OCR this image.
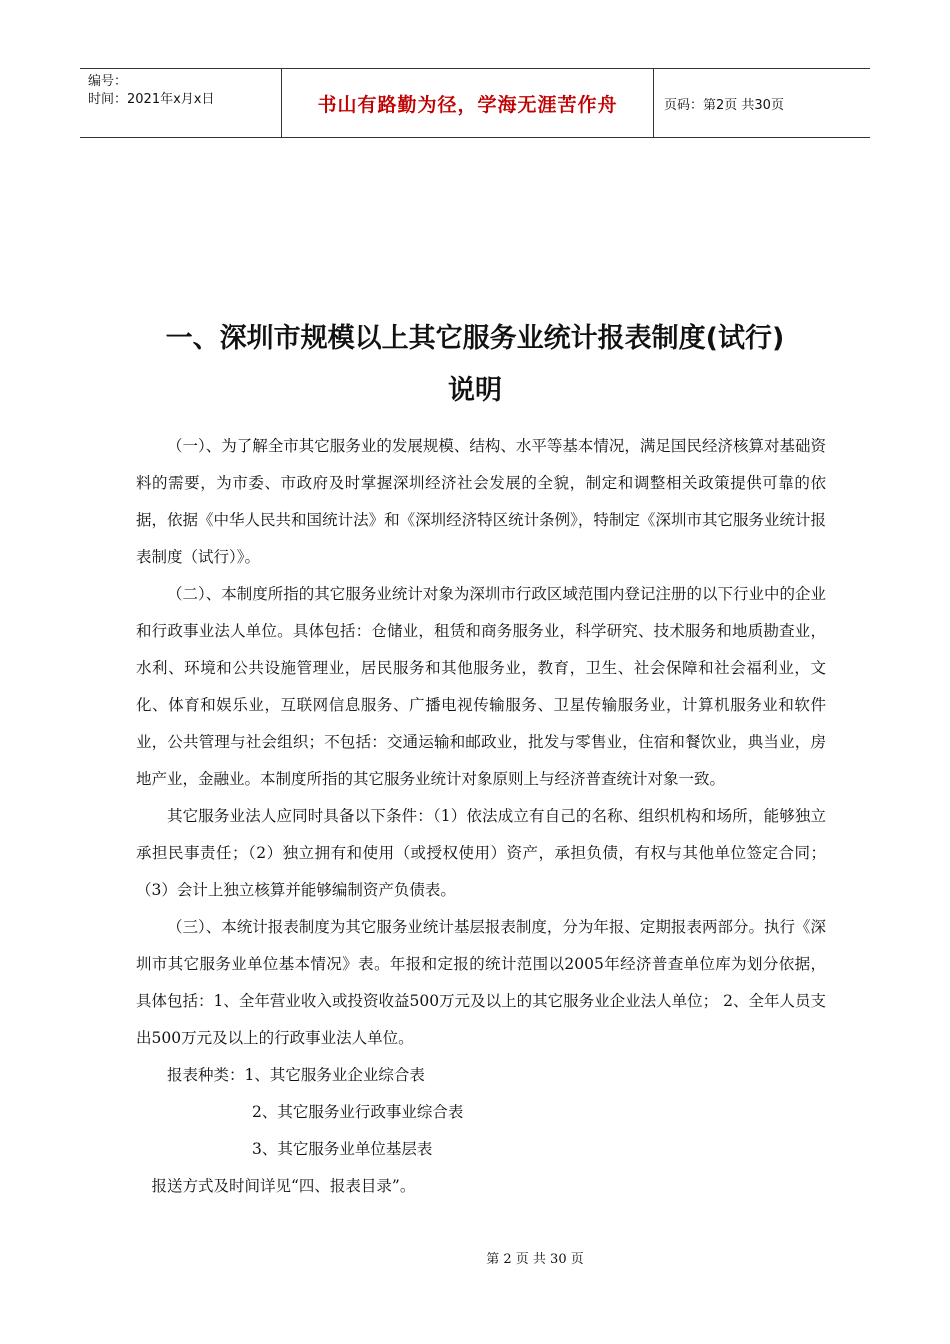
编号：
时间：2021年x月x日	书山有路勤为径，学海无涯苦作舟	页码：第2页 共30页
一、深圳市规模以上其它服务业统计报表制度(试行)
说明

（一）、为了解全市其它服务业的发展规模、结构、水平等基本情况，满足国民经济核算对基础资料的需要，为市委、市政府及时掌握深圳经济社会发展的全貌，制定和调整相关政策提供可靠的依据，依据《中华人民共和国统计法》和《深圳经济特区统计条例》，特制定《深圳市其它服务业统计报表制度（试行）》。

（二）、本制度所指的其它服务业统计对象为深圳市行政区域范围内登记注册的以下行业中的企业和行政事业法人单位。具体包括：仓储业，租赁和商务服务业，科学研究、技术服务和地质勘查业，水利、环境和公共设施管理业，居民服务和其他服务业，教育，卫生、社会保障和社会福利业，文化、体育和娱乐业，互联网信息服务、广播电视传输服务、卫星传输服务业，计算机服务业和软件业，公共管理与社会组织；不包括：交通运输和邮政业，批发与零售业，住宿和餐饮业，典当业，房地产业，金融业。本制度所指的其它服务业统计对象原则上与经济普查统计对象一致。

其它服务业法人应同时具备以下条件：（1）依法成立有自己的名称、组织机构和场所，能够独立承担民事责任；（2）独立拥有和使用（或授权使用）资产，承担负债，有权与其他单位签定合同；（3）会计上独立核算并能够编制资产负债表。

（三）、本统计报表制度为其它服务业统计基层报表制度，分为年报、定期报表两部分。执行《深圳市其它服务业单位基本情况》表。年报和定报的统计范围以2005年经济普查单位库为划分依据，具体包括：1、全年营业收入或投资收益500万元及以上的其它服务业企业法人单位； 2、全年人员支出500万元及以上的行政事业法人单位。

报表种类：1、其它服务业企业综合表

2、其它服务业行政事业综合表

3、其它服务业单位基层表

报送方式及时间详见“四、报表目录”。

第 2 页 共 30 页
